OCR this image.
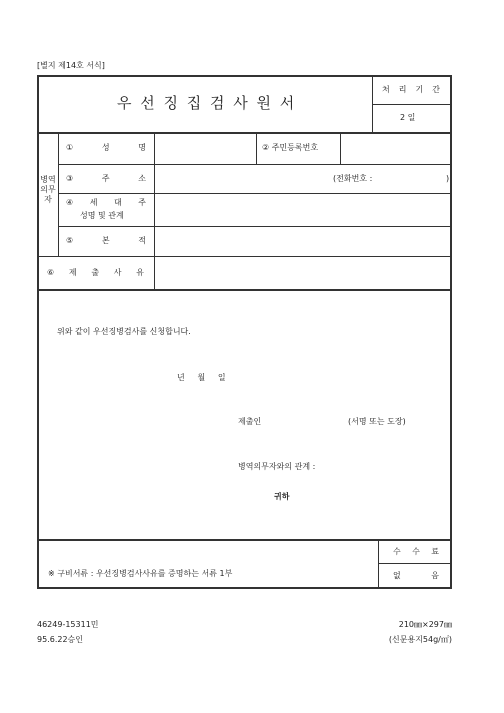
[별지 제14호 서식]
우 선 징 집 검 사 원 서
처 리 기 간
2 일
병역의무자
①	성	명	② 주민등록번호
③	주	소	(전화번호 :	)
④ 세 대 주
성명 및 관계
⑤	본	적
⑥ 제 출 사 유
위와 같이 우선징병검사를 신청합니다.
년     월     일
제출인	(서명 또는 도장)
병역의무자와의 관계 :
귀하
※ 구비서류 : 우선징병검사사유를 증명하는 서류 1부
수 수 료
없	음
46249-15311민
95.6.22승인
210㎜×297㎜
(신문용지54g/㎡)
